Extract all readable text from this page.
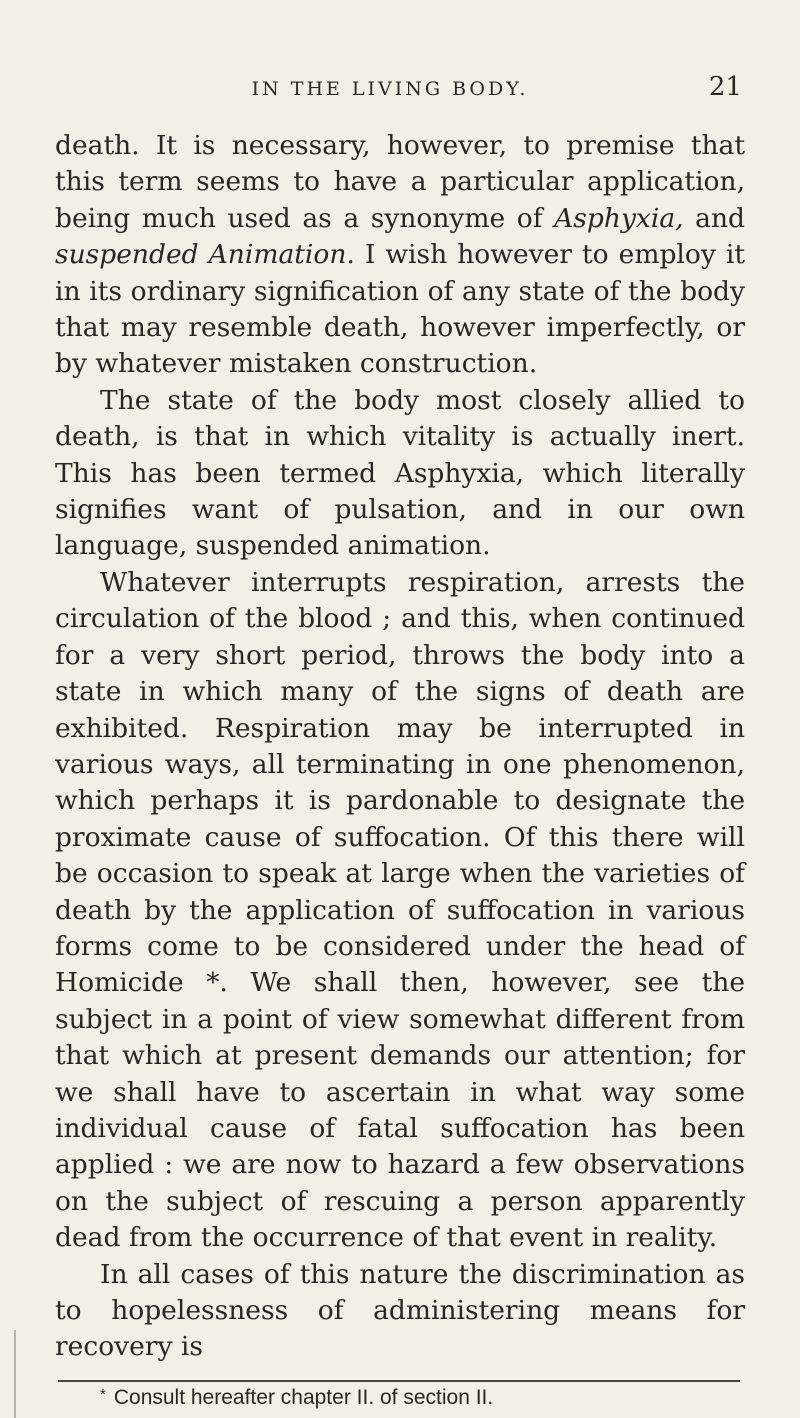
IN THE LIVING BODY.	21

death. It is necessary, however, to premise that this term seems to have a particular application, being much used as a synonyme of Asphyxia, and suspended Animation. I wish however to employ it in its ordinary signification of any state of the body that may resemble death, however imperfectly, or by whatever mistaken construction.

The state of the body most closely allied to death, is that in which vitality is actually inert. This has been termed Asphyxia, which literally signifies want of pulsation, and in our own language, suspended animation.

Whatever interrupts respiration, arrests the circulation of the blood ; and this, when continued for a very short period, throws the body into a state in which many of the signs of death are exhibited. Respiration may be interrupted in various ways, all terminating in one phenomenon, which perhaps it is pardonable to designate the proximate cause of suffocation. Of this there will be occasion to speak at large when the varieties of death by the application of suffocation in various forms come to be considered under the head of Homicide *. We shall then, however, see the subject in a point of view somewhat different from that which at present demands our attention; for we shall have to ascertain in what way some individual cause of fatal suffocation has been applied : we are now to hazard a few observations on the subject of rescuing a person apparently dead from the occurrence of that event in reality.

In all cases of this nature the discrimination as to hopelessness of administering means for recovery is

* Consult hereafter chapter II. of section II.
